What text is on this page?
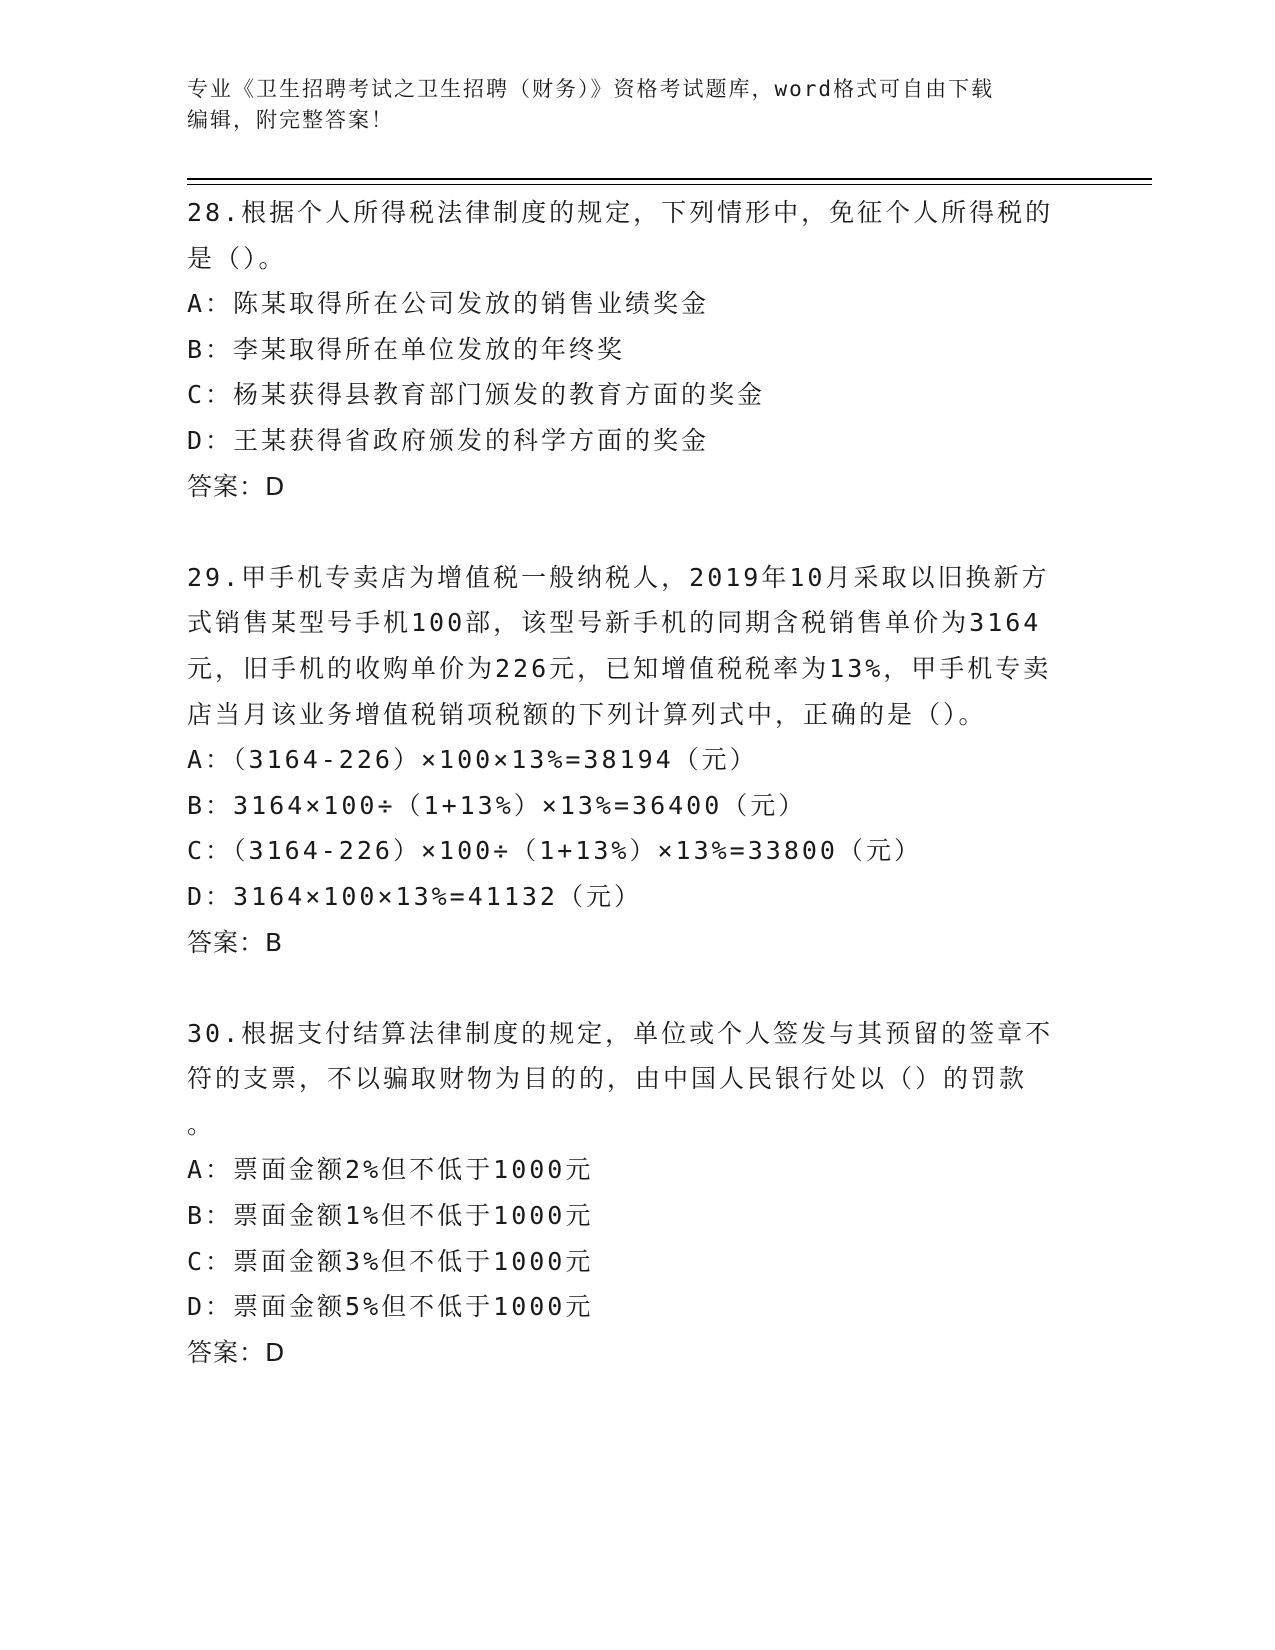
专业《卫生招聘考试之卫生招聘（财务）》资格考试题库，word格式可自由下载
编辑，附完整答案！
28.根据个人所得税法律制度的规定，下列情形中，免征个人所得税的
是（）。
A：陈某取得所在公司发放的销售业绩奖金
B：李某取得所在单位发放的年终奖
C：杨某获得县教育部门颁发的教育方面的奖金
D：王某获得省政府颁发的科学方面的奖金
答案：D
29.甲手机专卖店为增值税一般纳税人，2019年10月采取以旧换新方
式销售某型号手机100部，该型号新手机的同期含税销售单价为3164
元，旧手机的收购单价为226元，已知增值税税率为13%，甲手机专卖
店当月该业务增值税销项税额的下列计算列式中，正确的是（）。
A：（3164-226）×100×13%=38194（元）
B：3164×100÷（1+13%）×13%=36400（元）
C：（3164-226）×100÷（1+13%）×13%=33800（元）
D：3164×100×13%=41132（元）
答案：B
30.根据支付结算法律制度的规定，单位或个人签发与其预留的签章不
符的支票，不以骗取财物为目的的，由中国人民银行处以（）的罚款
。
A：票面金额2%但不低于1000元
B：票面金额1%但不低于1000元
C：票面金额3%但不低于1000元
D：票面金额5%但不低于1000元
答案：D
